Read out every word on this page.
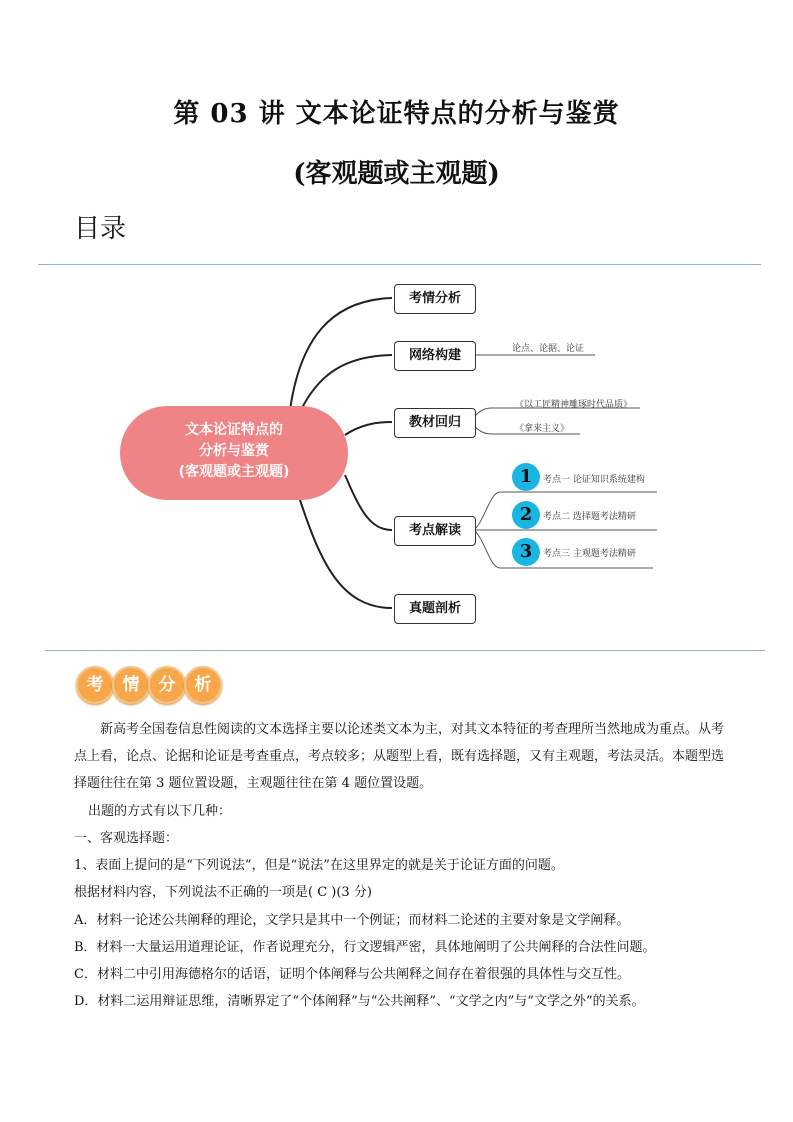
第 03 讲 文本论证特点的分析与鉴赏
(客观题或主观题)
目录
文本论证特点的
分析与鉴赏
(客观题或主观题)
考情分析
网络构建
教材回归
考点解读
真题剖析
论点、论据、论证
《以工匠精神雕琢时代品质》
《拿来主义》
1	考点一 论证知识系统建构
2	考点二 选择题考法精研
3	考点三 主观题考法精研
考	情	分	析
新高考全国卷信息性阅读的文本选择主要以论述类文本为主，对其文本特征的考查理所当然地成为重点。从考点上看，论点、论据和论证是考查重点，考点较多；从题型上看，既有选择题，又有主观题，考法灵活。本题型选择题往往在第 3 题位置设题，主观题往往在第 4 题位置设题。
出题的方式有以下几种：
一、客观选择题：
1、表面上提问的是“下列说法”，但是“说法”在这里界定的就是关于论证方面的问题。
根据材料内容，下列说法不正确的一项是( C )(3 分)
A．材料一论述公共阐释的理论，文学只是其中一个例证；而材料二论述的主要对象是文学阐释。
B．材料一大量运用道理论证，作者说理充分，行文逻辑严密，具体地阐明了公共阐释的合法性问题。
C．材料二中引用海德格尔的话语，证明个体阐释与公共阐释之间存在着很强的具体性与交互性。
D．材料二运用辩证思维，清晰界定了“个体阐释”与“公共阐释”、“文学之内”与“文学之外”的关系。
